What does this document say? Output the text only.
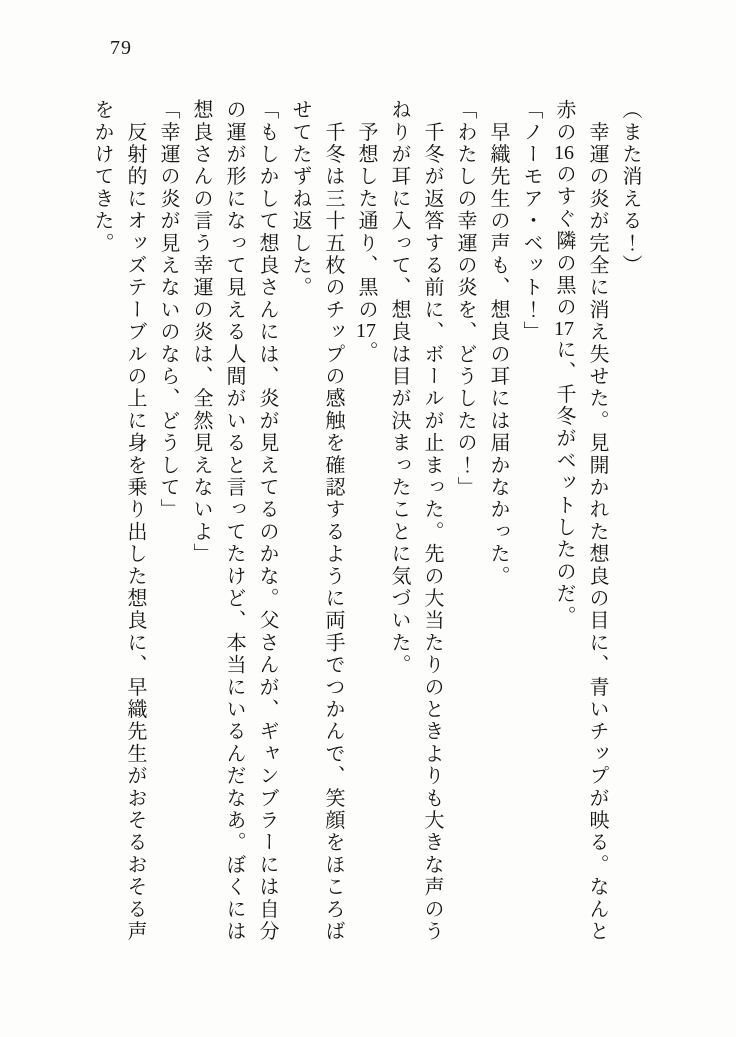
79
（また消える！）
　幸運の炎が完全に消え失せた。見開かれた想良の目に、青いチップが映る。なんと
赤の16のすぐ隣の黒の17に、千冬がベットしたのだ。
「ノーモア・ベット！」
　早織先生の声も、想良の耳には届かなかった。
「わたしの幸運の炎を、どうしたの！」
　千冬が返答する前に、ボールが止まった。先の大当たりのときよりも大きな声のう
ねりが耳に入って、想良は目が決まったことに気づいた。
　予想した通り、黒の17。
　千冬は三十五枚のチップの感触を確認するように両手でつかんで、笑顔をほころば
せてたずね返した。
「もしかして想良さんには、炎が見えてるのかな。父さんが、ギャンブラーには自分
の運が形になって見える人間がいると言ってたけど、本当にいるんだなあ。ぼくには
想良さんの言う幸運の炎は、全然見えないよ」
「幸運の炎が見えないのなら、どうして」
　反射的にオッズテーブルの上に身を乗り出した想良に、早織先生がおそるおそる声
をかけてきた。
